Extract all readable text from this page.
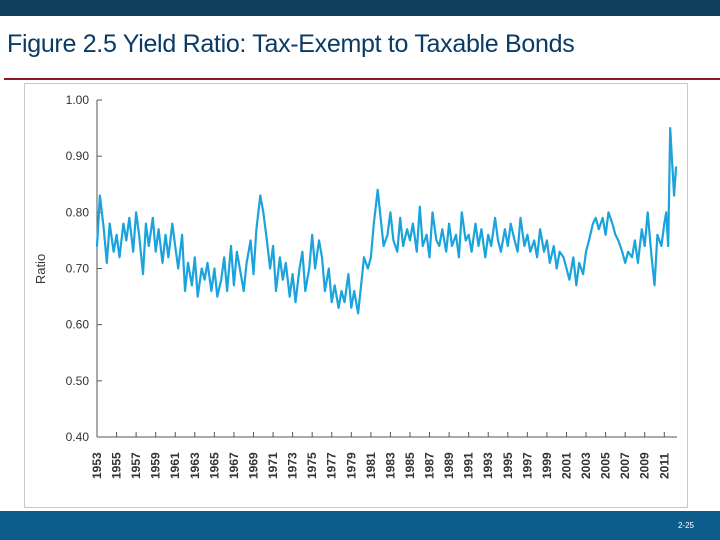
Figure 2.5 Yield Ratio: Tax-Exempt to Taxable Bonds
0.40
0.50
0.60
0.70
0.80
0.90
1.00
1953 1955 1957 1959 1961 1963 1965 1967 1969 1971 1973 1975 1977 1979 1981 1983 1985 1987 1989 1991 1993 1995 1997 1999 2001 2003 2005 2007 2009 2011
Ratio
2-25
